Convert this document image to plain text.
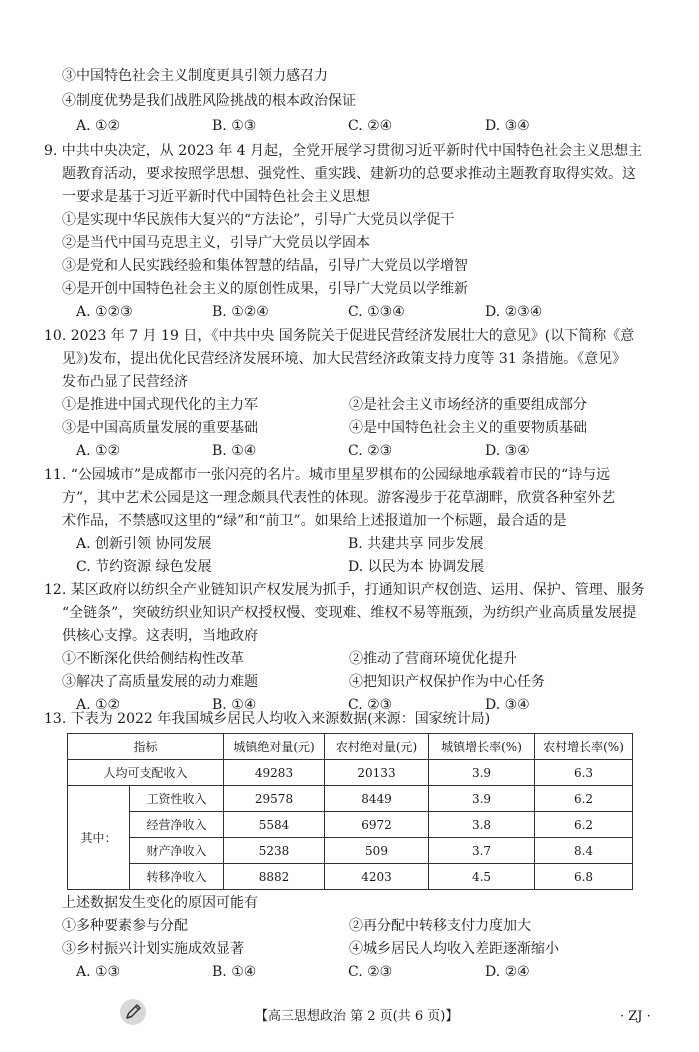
③中国特色社会主义制度更具引领力感召力
④制度优势是我们战胜风险挑战的根本政治保证
A. ①②	B. ①③	C. ②④	D. ③④
9. 中共中央决定，从 2023 年 4 月起，全党开展学习贯彻习近平新时代中国特色社会主义思想主
题教育活动，要求按照学思想、强党性、重实践、建新功的总要求推动主题教育取得实效。这
一要求是基于习近平新时代中国特色社会主义思想
①是实现中华民族伟大复兴的“方法论”，引导广大党员以学促干
②是当代中国马克思主义，引导广大党员以学固本
③是党和人民实践经验和集体智慧的结晶，引导广大党员以学增智
④是开创中国特色社会主义的原创性成果，引导广大党员以学维新
A. ①②③	B. ①②④	C. ①③④	D. ②③④
10. 2023 年 7 月 19 日，《中共中央 国务院关于促进民营经济发展壮大的意见》(以下简称《意
见》)发布，提出优化民营经济发展环境、加大民营经济政策支持力度等 31 条措施。《意见》
发布凸显了民营经济
①是推进中国式现代化的主力军	②是社会主义市场经济的重要组成部分
③是中国高质量发展的重要基础	④是中国特色社会主义的重要物质基础
A. ①②	B. ①④	C. ②③	D. ③④
11. “公园城市”是成都市一张闪亮的名片。城市里星罗棋布的公园绿地承载着市民的“诗与远
方”，其中艺术公园是这一理念颇具代表性的体现。游客漫步于花草湖畔，欣赏各种室外艺
术作品，不禁感叹这里的“绿”和“前卫”。如果给上述报道加一个标题，最合适的是
A. 创新引领 协同发展	B. 共建共享 同步发展
C. 节约资源 绿色发展	D. 以民为本 协调发展
12. 某区政府以纺织全产业链知识产权发展为抓手，打通知识产权创造、运用、保护、管理、服务
“全链条”，突破纺织业知识产权授权慢、变现难、维权不易等瓶颈，为纺织产业高质量发展提
供核心支撑。这表明，当地政府
①不断深化供给侧结构性改革	②推动了营商环境优化提升
③解决了高质量发展的动力难题	④把知识产权保护作为中心任务
A. ①②	B. ①④	C. ②③	D. ③④
13. 下表为 2022 年我国城乡居民人均收入来源数据(来源：国家统计局)
指标		城镇绝对量(元)	农村绝对量(元)	城镇增长率(%)	农村增长率(%)
人均可支配收入		49283	20133	3.9	6.3
其中：	工资性收入	29578	8449	3.9	6.2
	经营净收入	5584	6972	3.8	6.2
	财产净收入	5238	509	3.7	8.4
	转移净收入	8882	4203	4.5	6.8
上述数据发生变化的原因可能有
①多种要素参与分配	②再分配中转移支付力度加大
③乡村振兴计划实施成效显著	④城乡居民人均收入差距逐渐缩小
A. ①③	B. ①④	C. ②③	D. ②④
【高三思想政治 第 2 页(共 6 页)】	· ZJ ·
